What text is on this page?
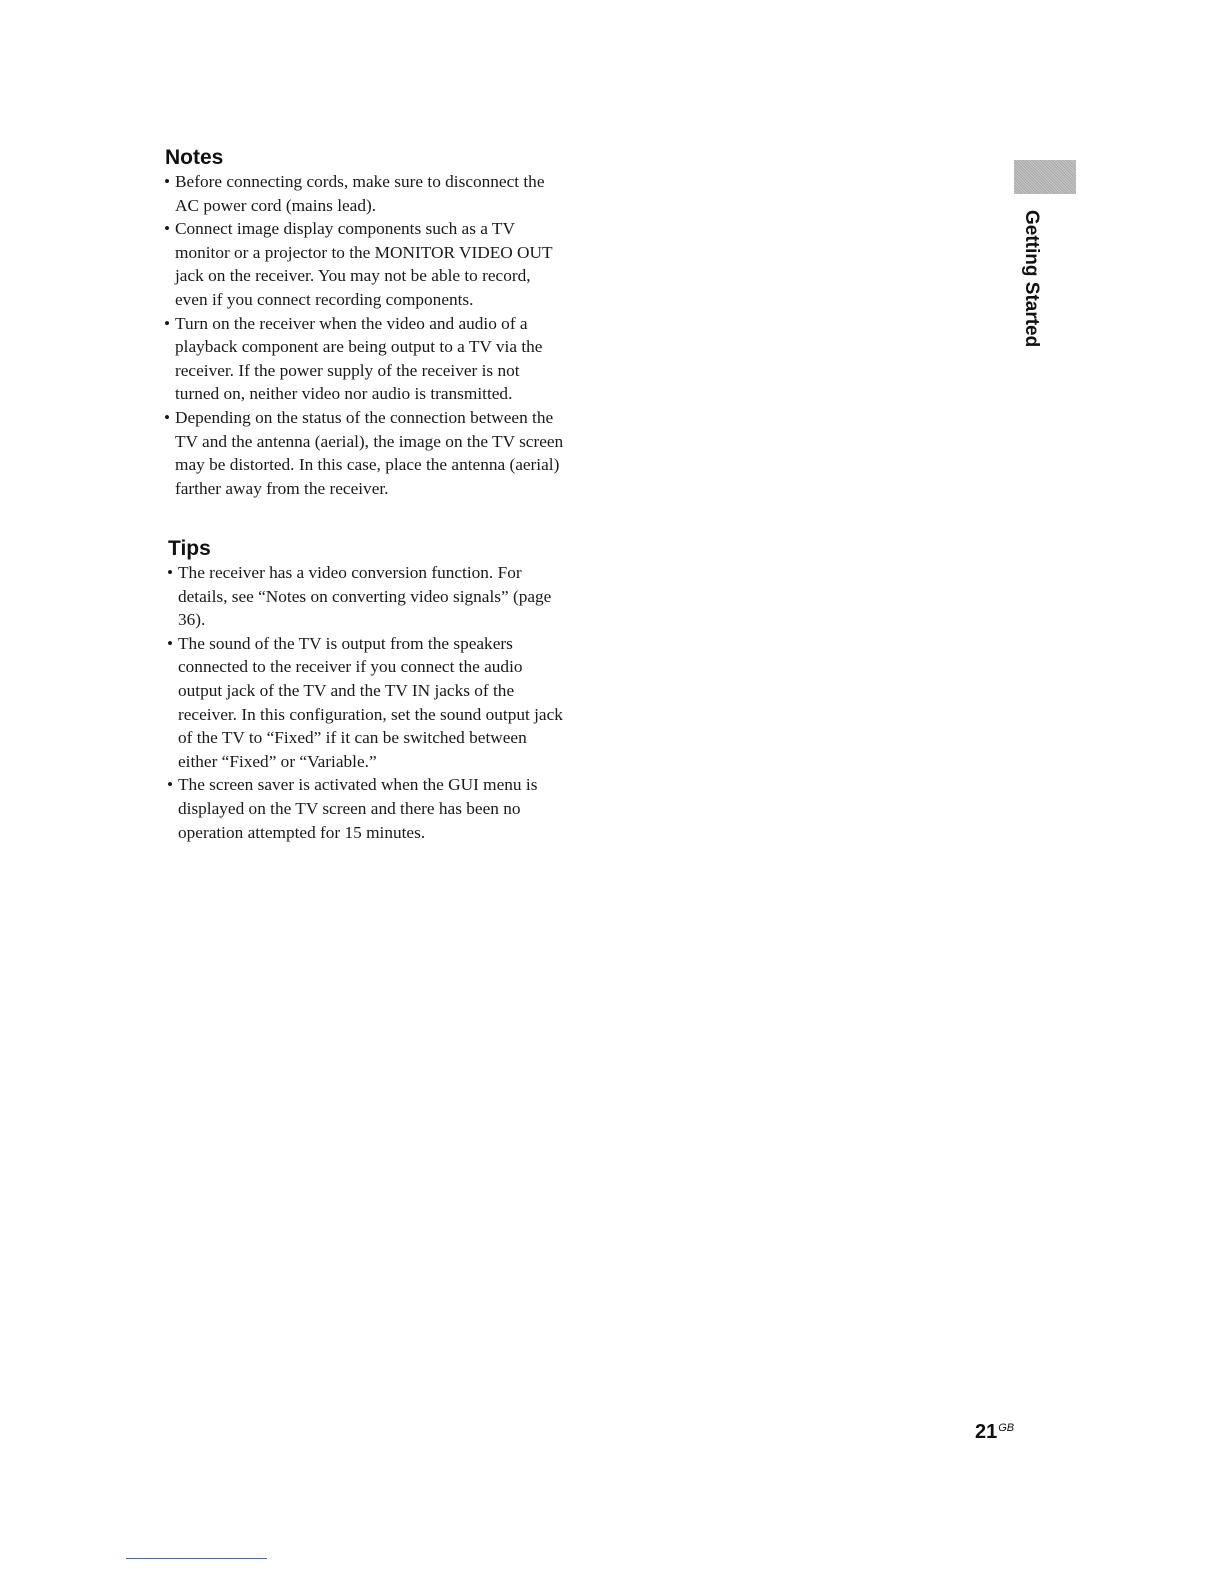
Notes
• Before connecting cords, make sure to disconnect the AC power cord (mains lead).
• Connect image display components such as a TV monitor or a projector to the MONITOR VIDEO OUT jack on the receiver. You may not be able to record, even if you connect recording components.
• Turn on the receiver when the video and audio of a playback component are being output to a TV via the receiver. If the power supply of the receiver is not turned on, neither video nor audio is transmitted.
• Depending on the status of the connection between the TV and the antenna (aerial), the image on the TV screen may be distorted. In this case, place the antenna (aerial) farther away from the receiver.
Tips
• The receiver has a video conversion function. For details, see “Notes on converting video signals” (page 36).
• The sound of the TV is output from the speakers connected to the receiver if you connect the audio output jack of the TV and the TV IN jacks of the receiver. In this configuration, set the sound output jack of the TV to “Fixed” if it can be switched between either “Fixed” or “Variable.”
• The screen saver is activated when the GUI menu is displayed on the TV screen and there has been no operation attempted for 15 minutes.
Getting Started
$21^{GB}$
